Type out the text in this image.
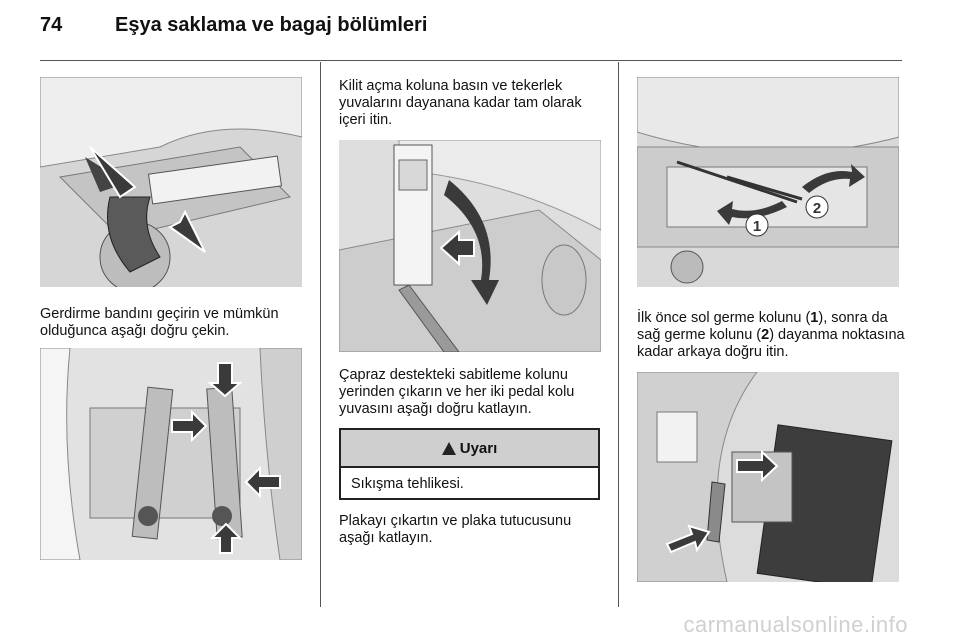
74	Eşya saklama ve bagaj bölümleri
Gerdirme bandını geçirin ve mümkün olduğunca aşağı doğru çekin.
Kilit açma koluna basın ve tekerlek yuvalarını dayanana kadar tam olarak içeri itin.
Çapraz destekteki sabitleme kolunu yerinden çıkarın ve her iki pedal kolu yuvasını aşağı doğru katlayın.
Uyarı
Sıkışma tehlikesi.
Plakayı çıkartın ve plaka tutucusunu aşağı katlayın.
1
2
İlk önce sol germe kolunu (1), sonra da sağ germe kolunu (2) dayanma noktasına kadar arkaya doğru itin.
carmanualsonline.info
